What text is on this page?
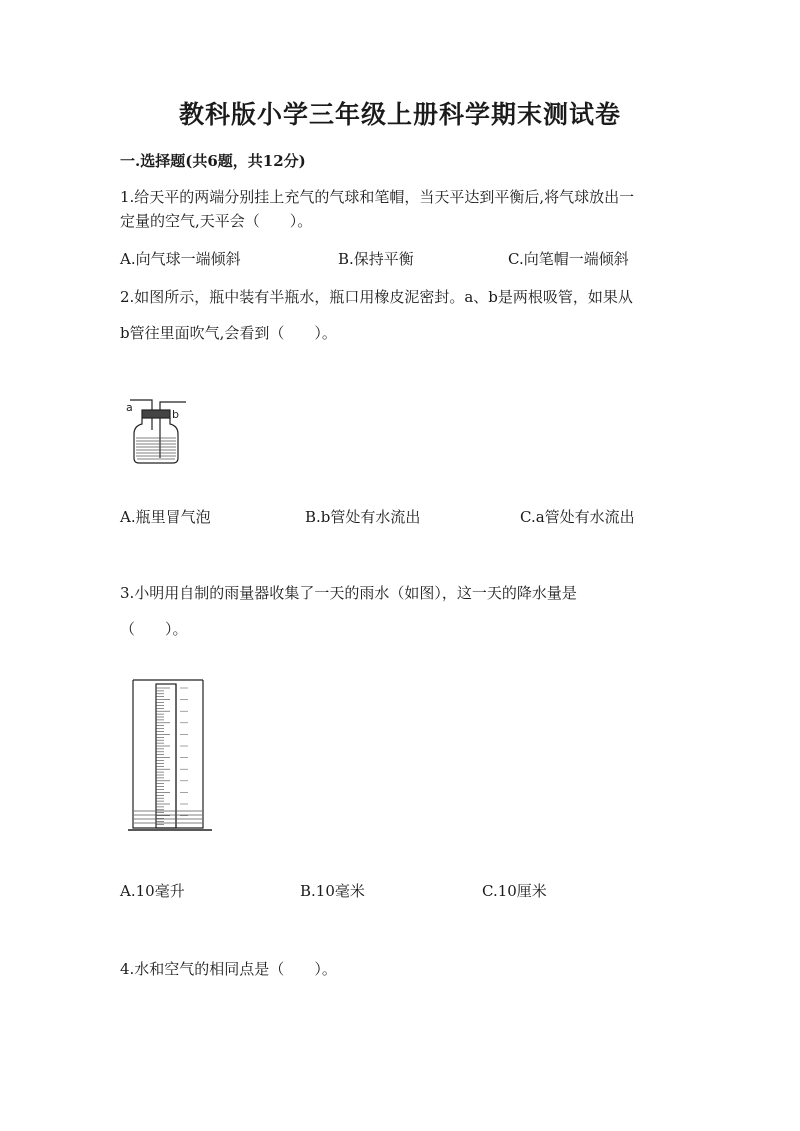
教科版小学三年级上册科学期末测试卷
一.选择题(共6题，共12分)
1.给天平的两端分别挂上充气的气球和笔帽，当天平达到平衡后,将气球放出一
定量的空气,天平会（　　）。
A.向气球一端倾斜	B.保持平衡	C.向笔帽一端倾斜
2.如图所示，瓶中装有半瓶水，瓶口用橡皮泥密封。a、b是两根吸管，如果从
b管往里面吹气,会看到（　　）。
a
b
A.瓶里冒气泡	B.b管处有水流出	C.a管处有水流出
3.小明用自制的雨量器收集了一天的雨水（如图），这一天的降水量是
（　　）。
A.10毫升	B.10毫米	C.10厘米
4.水和空气的相同点是（　　）。
